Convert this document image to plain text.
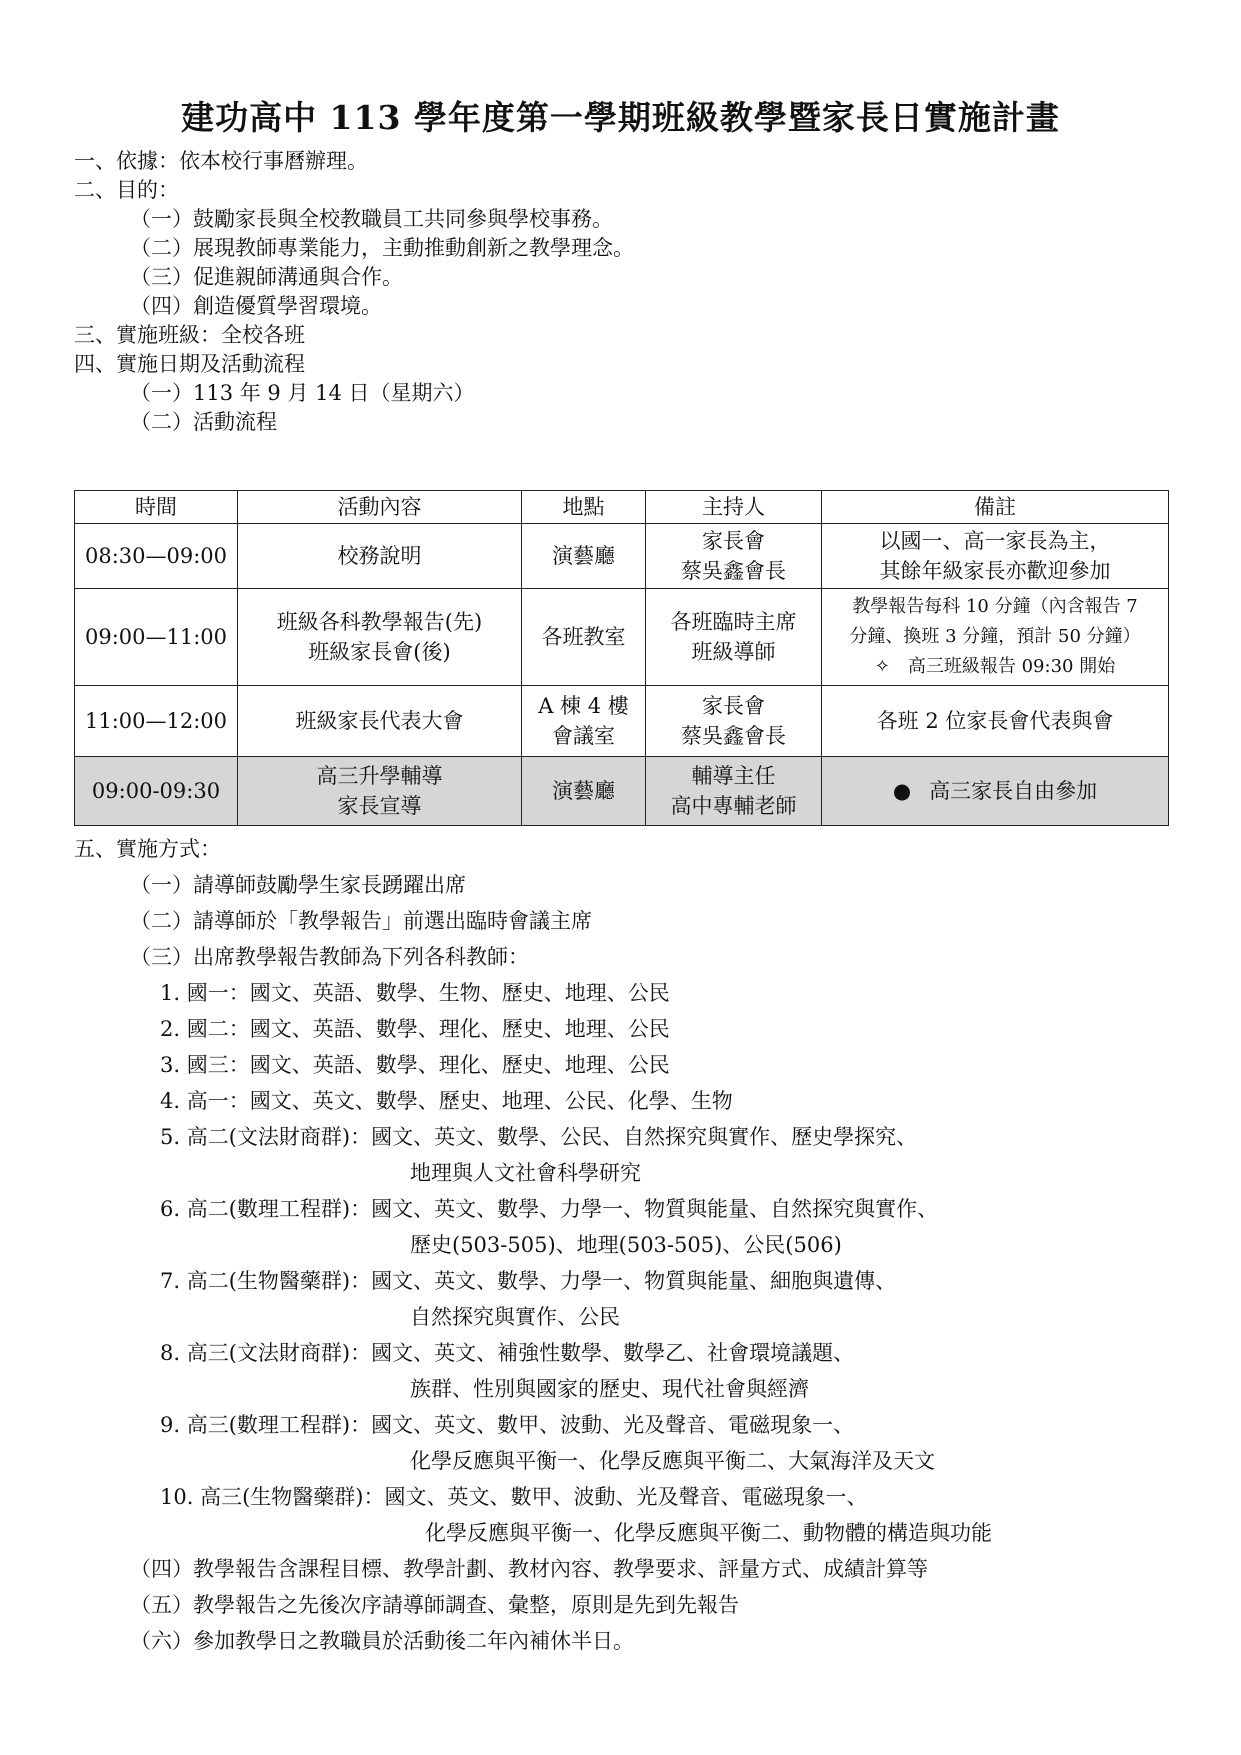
建功高中 113 學年度第一學期班級教學暨家長日實施計畫
一、依據：依本校行事曆辦理。
二、目的：
（一）鼓勵家長與全校教職員工共同參與學校事務。
（二）展現教師專業能力，主動推動創新之教學理念。
（三）促進親師溝通與合作。
（四）創造優質學習環境。
三、實施班級：全校各班
四、實施日期及活動流程
（一）113 年 9 月 14 日（星期六）
（二）活動流程
時間	活動內容	地點	主持人	備註
08:30—09:00	校務說明	演藝廳	家長會
蔡吳鑫會長	以國一、高一家長為主，
其餘年級家長亦歡迎參加

09:00—11:00	班級各科教學報告(先)
班級家長會(後)	各班教室	各班臨時主席
班級導師	教學報告每科 10 分鐘（內含報告 7
分鐘、換班 3 分鐘，預計 50 分鐘）
✧　高三班級報告 09:30 開始

11:00—12:00	班級家長代表大會	A 棟 4 樓
會議室	家長會
蔡吳鑫會長	各班 2 位家長會代表與會

09:00-09:30	高三升學輔導
家長宣導	演藝廳	輔導主任
高中專輔老師	● 高三家長自由參加
五、實施方式：
（一）請導師鼓勵學生家長踴躍出席
（二）請導師於「教學報告」前選出臨時會議主席
（三）出席教學報告教師為下列各科教師：
1. 國一：國文、英語、數學、生物、歷史、地理、公民
2. 國二：國文、英語、數學、理化、歷史、地理、公民
3. 國三：國文、英語、數學、理化、歷史、地理、公民
4. 高一：國文、英文、數學、歷史、地理、公民、化學、生物
5. 高二(文法財商群)：國文、英文、數學、公民、自然探究與實作、歷史學探究、
地理與人文社會科學研究
6. 高二(數理工程群)：國文、英文、數學、力學一、物質與能量、自然探究與實作、
歷史(503-505)、地理(503-505)、公民(506)
7. 高二(生物醫藥群)：國文、英文、數學、力學一、物質與能量、細胞與遺傳、
自然探究與實作、公民
8. 高三(文法財商群)：國文、英文、補強性數學、數學乙、社會環境議題、
族群、性別與國家的歷史、現代社會與經濟
9. 高三(數理工程群)：國文、英文、數甲、波動、光及聲音、電磁現象一、
化學反應與平衡一、化學反應與平衡二、大氣海洋及天文
10. 高三(生物醫藥群)：國文、英文、數甲、波動、光及聲音、電磁現象一、
化學反應與平衡一、化學反應與平衡二、動物體的構造與功能
（四）教學報告含課程目標、教學計劃、教材內容、教學要求、評量方式、成績計算等
（五）教學報告之先後次序請導師調查、彙整，原則是先到先報告
（六）參加教學日之教職員於活動後二年內補休半日。
